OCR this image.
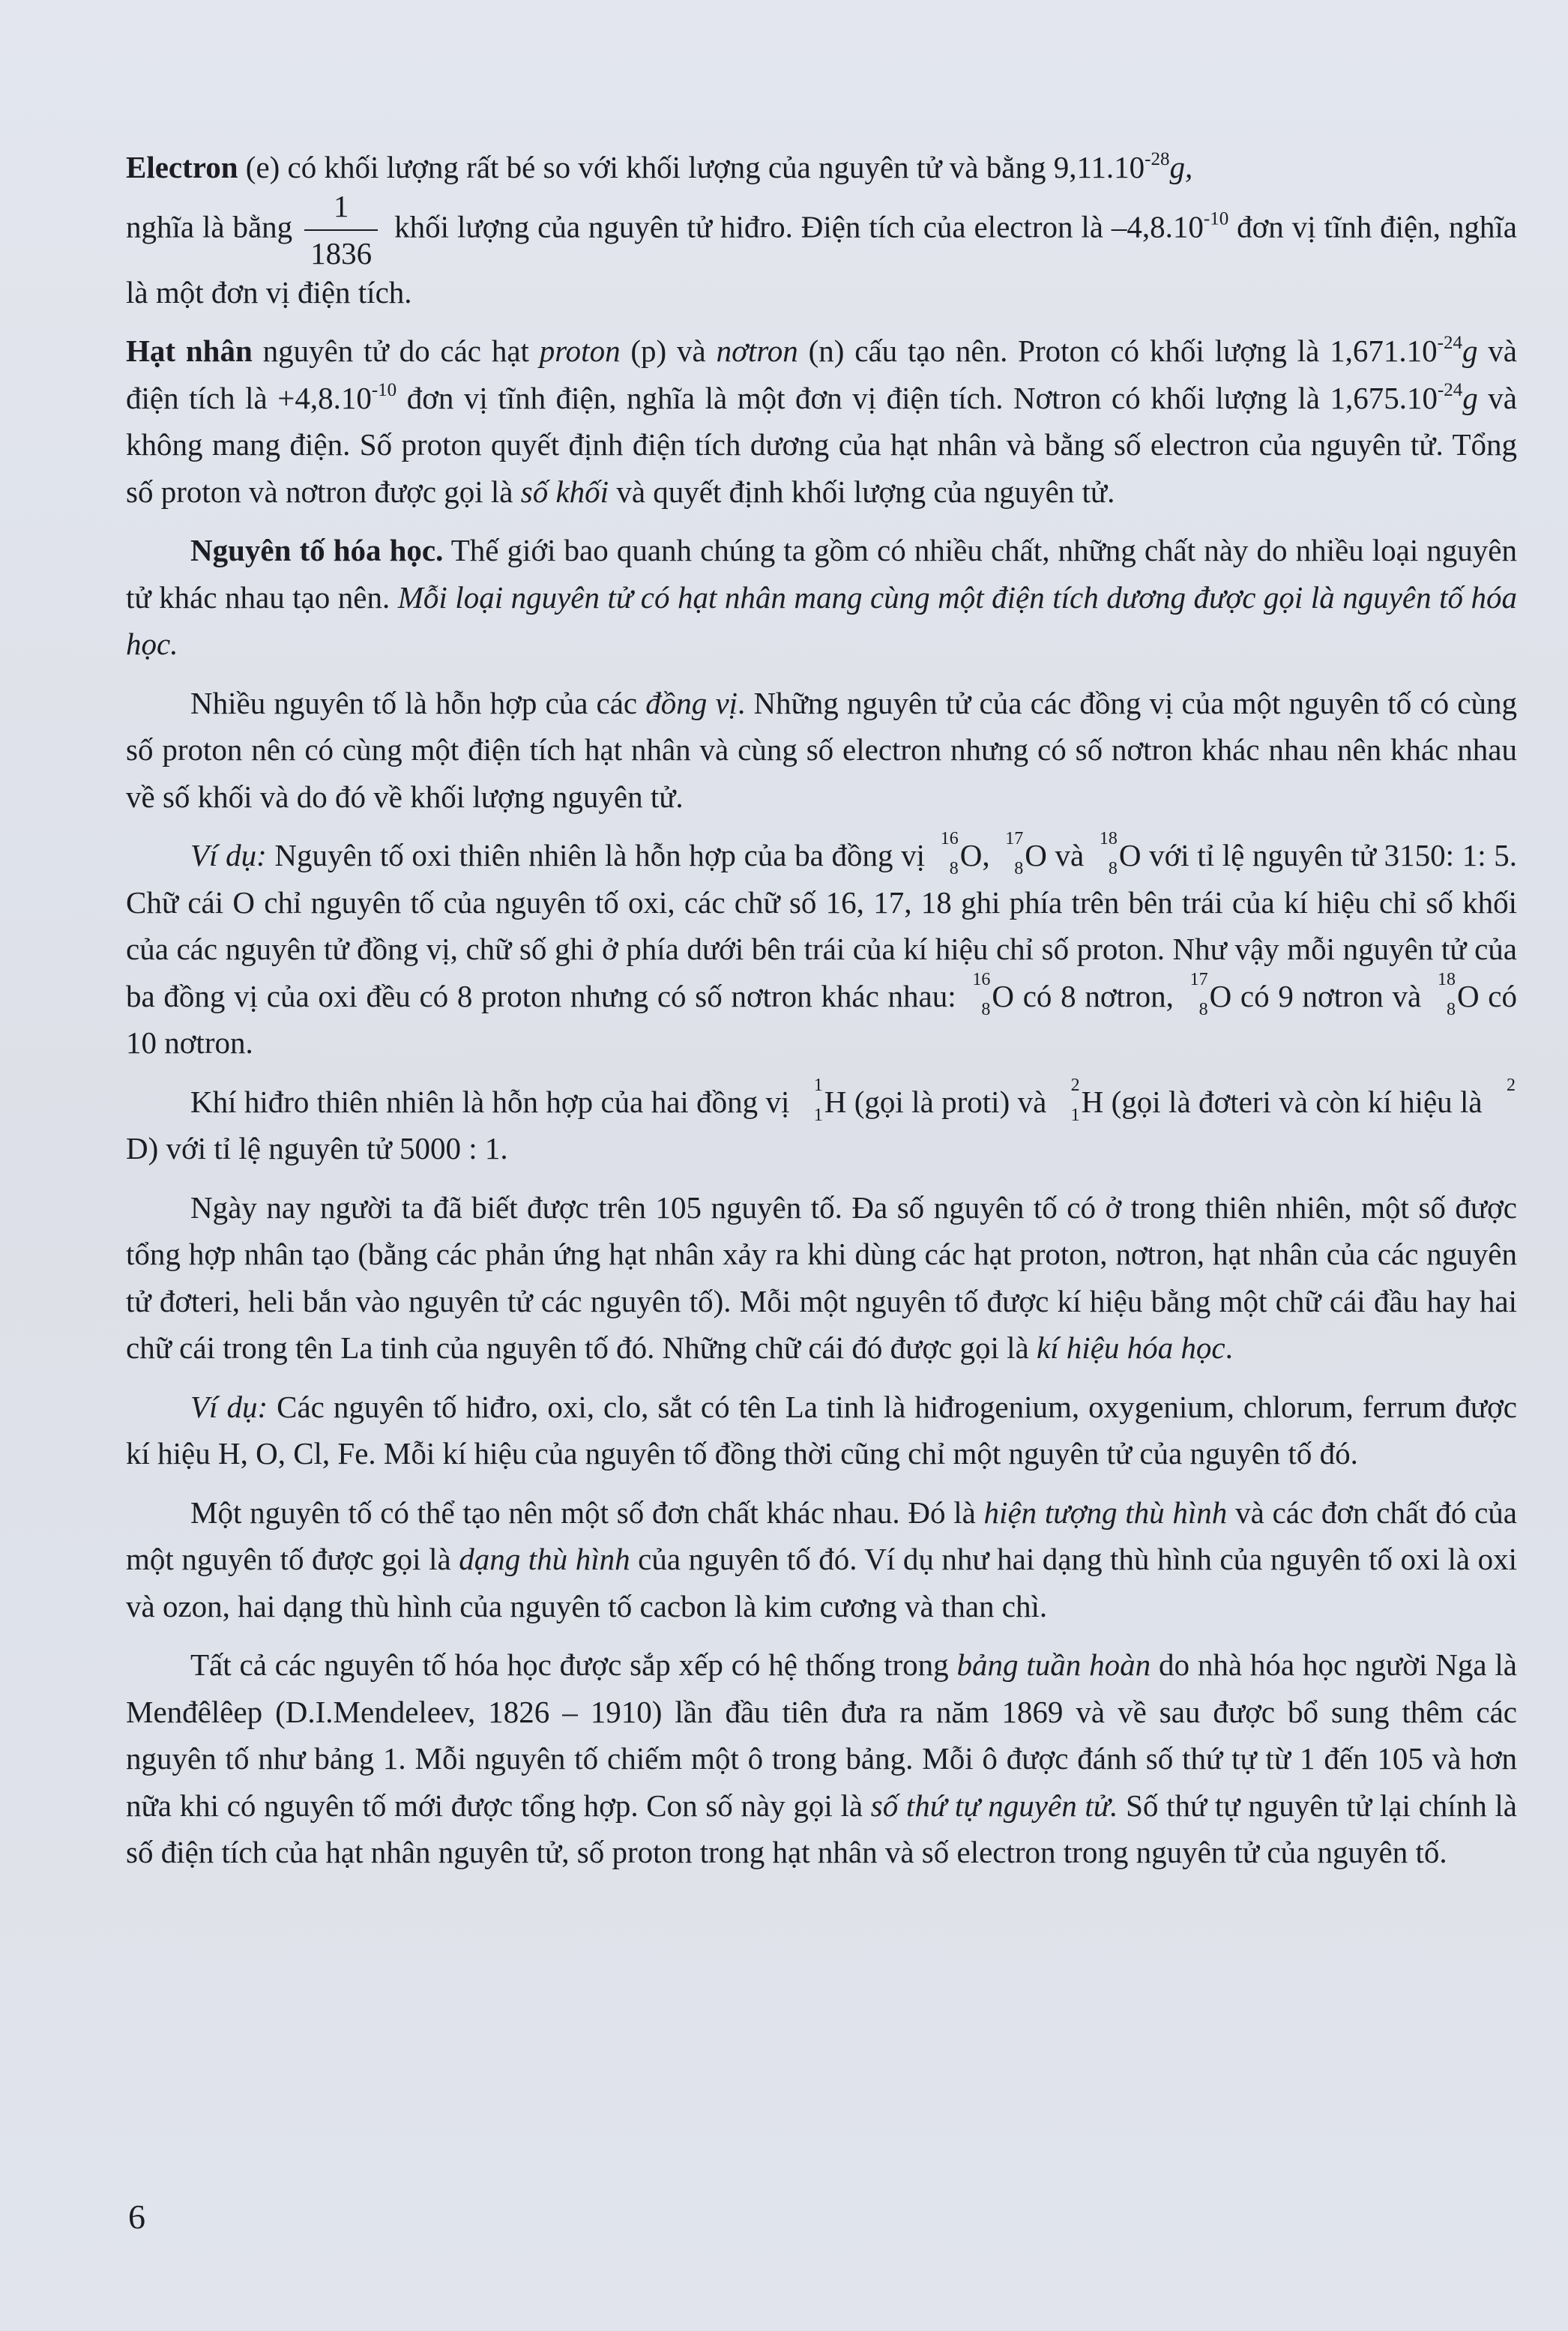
Electron (e) có khối lượng rất bé so với khối lượng của nguyên tử và bằng $9,11.10^{-28}g$,
nghĩa là bằng $\frac{1}{1836}$ khối lượng của nguyên tử hiđro. Điện tích của electron là $-4,8.10^{-10}$ đơn vị tĩnh điện, nghĩa là một đơn vị điện tích.

Hạt nhân nguyên tử do các hạt proton (p) và nơtron (n) cấu tạo nên. Proton có khối lượng là $1,671.10^{-24}g$ và điện tích là $+4,8.10^{-10}$ đơn vị tĩnh điện, nghĩa là một đơn vị điện tích. Nơtron có khối lượng là $1,675.10^{-24}g$ và không mang điện. Số proton quyết định điện tích dương của hạt nhân và bằng số electron của nguyên tử. Tổng số proton và nơtron được gọi là số khối và quyết định khối lượng của nguyên tử.

Nguyên tố hóa học. Thế giới bao quanh chúng ta gồm có nhiều chất, những chất này do nhiều loại nguyên tử khác nhau tạo nên. Mỗi loại nguyên tử có hạt nhân mang cùng một điện tích dương được gọi là nguyên tố hóa học.

Nhiều nguyên tố là hỗn hợp của các đồng vị. Những nguyên tử của các đồng vị của một nguyên tố có cùng số proton nên có cùng một điện tích hạt nhân và cùng số electron nhưng có số nơtron khác nhau nên khác nhau về số khối và do đó về khối lượng nguyên tử.

Ví dụ: Nguyên tố oxi thiên nhiên là hỗn hợp của ba đồng vị 16
8 O, 17
8 O và 18
8 O với tỉ lệ nguyên tử 3150: 1: 5. Chữ cái O chỉ nguyên tố của nguyên tố oxi, các chữ số 16, 17, 18 ghi phía trên bên trái của kí hiệu chỉ số khối của các nguyên tử đồng vị, chữ số ghi ở phía dưới bên trái của kí hiệu chỉ số proton. Như vậy mỗi nguyên tử của ba đồng vị của oxi đều có 8 proton nhưng có số nơtron khác nhau: 16
8 O có 8 nơtron, 17
8 O có 9 nơtron và 18
8 O có 10 nơtron.

Khí hiđro thiên nhiên là hỗn hợp của hai đồng vị 1
1 H (gọi là proti) và 2
1 H (gọi là đơteri và còn kí hiệu là 2
D) với tỉ lệ nguyên tử 5000 : 1.

Ngày nay người ta đã biết được trên 105 nguyên tố. Đa số nguyên tố có ở trong thiên nhiên, một số được tổng hợp nhân tạo (bằng các phản ứng hạt nhân xảy ra khi dùng các hạt proton, nơtron, hạt nhân của các nguyên tử đơteri, heli bắn vào nguyên tử các nguyên tố). Mỗi một nguyên tố được kí hiệu bằng một chữ cái đầu hay hai chữ cái trong tên La tinh của nguyên tố đó. Những chữ cái đó được gọi là kí hiệu hóa học.

Ví dụ: Các nguyên tố hiđro, oxi, clo, sắt có tên La tinh là hiđrogenium, oxygenium, chlorum, ferrum được kí hiệu H, O, Cl, Fe. Mỗi kí hiệu của nguyên tố đồng thời cũng chỉ một nguyên tử của nguyên tố đó.

Một nguyên tố có thể tạo nên một số đơn chất khác nhau. Đó là hiện tượng thù hình và các đơn chất đó của một nguyên tố được gọi là dạng thù hình của nguyên tố đó. Ví dụ như hai dạng thù hình của nguyên tố oxi là oxi và ozon, hai dạng thù hình của nguyên tố cacbon là kim cương và than chì.

Tất cả các nguyên tố hóa học được sắp xếp có hệ thống trong bảng tuần hoàn do nhà hóa học người Nga là Menđêlêep (D.I.Mendeleev, 1826 – 1910) lần đầu tiên đưa ra năm 1869 và về sau được bổ sung thêm các nguyên tố như bảng 1. Mỗi nguyên tố chiếm một ô trong bảng. Mỗi ô được đánh số thứ tự từ 1 đến 105 và hơn nữa khi có nguyên tố mới được tổng hợp. Con số này gọi là số thứ tự nguyên tử. Số thứ tự nguyên tử lại chính là số điện tích của hạt nhân nguyên tử, số proton trong hạt nhân và số electron trong nguyên tử của nguyên tố.

6
